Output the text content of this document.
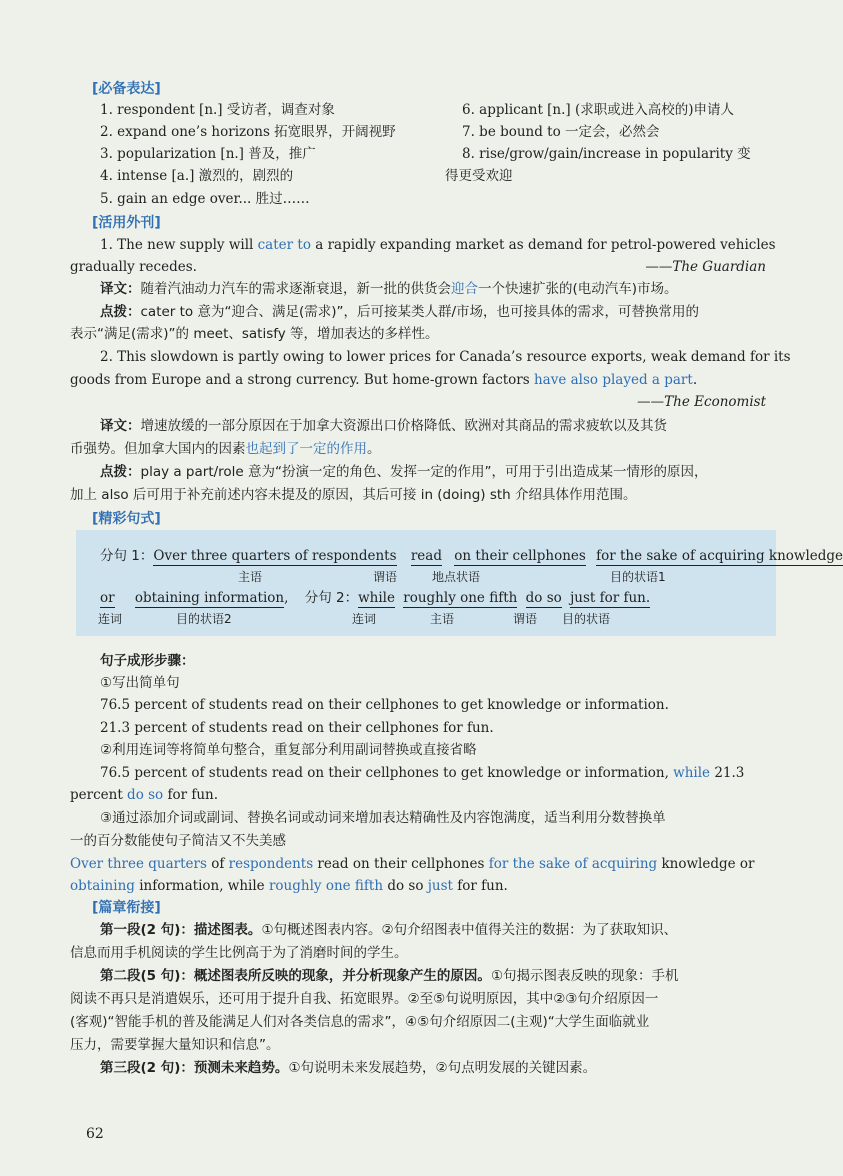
[必备表达]
1. respondent [n.] 受访者，调查对象
2. expand one’s horizons 拓宽眼界，开阔视野
3. popularization [n.] 普及，推广
4. intense [a.] 激烈的，剧烈的
5. gain an edge over... 胜过……
6. applicant [n.] (求职或进入高校的)申请人
7. be bound to 一定会，必然会
8. rise/grow/gain/increase in popularity 变
得更受欢迎
[活用外刊]
1. The new supply will cater to a rapidly expanding market as demand for petrol-powered vehicles
gradually recedes.	——The Guardian
译文：随着汽油动力汽车的需求逐渐衰退，新一批的供货会迎合一个快速扩张的(电动汽车)市场。
点拨：cater to 意为“迎合、满足(需求)”，后可接某类人群/市场，也可接具体的需求，可替换常用的
表示“满足(需求)”的 meet、satisfy 等，增加表达的多样性。
2. This slowdown is partly owing to lower prices for Canada’s resource exports, weak demand for its
goods from Europe and a strong currency. But home-grown factors have also played a part.
——The Economist
译文：增速放缓的一部分原因在于加拿大资源出口价格降低、欧洲对其商品的需求疲软以及其货
币强势。但加拿大国内的因素也起到了一定的作用。
点拨：play a part/role 意为“扮演一定的角色、发挥一定的作用”，可用于引出造成某一情形的原因，
加上 also 后可用于补充前述内容未提及的原因，其后可接 in (doing) sth 介绍具体作用范围。
[精彩句式]
分句 1：Over three quarters of respondents read on their cellphones for the sake of acquiring knowledge
主语	谓语	地点状语	目的状语1
or obtaining information, 分句 2：while roughly one fifth do so just for fun.
连词	目的状语2	连词	主语	谓语 目的状语
句子成形步骤：
①写出简单句
76.5 percent of students read on their cellphones to get knowledge or information.
21.3 percent of students read on their cellphones for fun.
②利用连词等将简单句整合，重复部分利用副词替换或直接省略
76.5 percent of students read on their cellphones to get knowledge or information, while 21.3
percent do so for fun.
③通过添加介词或副词、替换名词或动词来增加表达精确性及内容饱满度，适当利用分数替换单
一的百分数能使句子简洁又不失美感
Over three quarters of respondents read on their cellphones for the sake of acquiring knowledge or
obtaining information, while roughly one fifth do so just for fun.
[篇章衔接]
第一段(2 句)：描述图表。①句概述图表内容。②句介绍图表中值得关注的数据：为了获取知识、
信息而用手机阅读的学生比例高于为了消磨时间的学生。
第二段(5 句)：概述图表所反映的现象，并分析现象产生的原因。①句揭示图表反映的现象：手机
阅读不再只是消遣娱乐，还可用于提升自我、拓宽眼界。②至⑤句说明原因，其中②③句介绍原因一
(客观)“智能手机的普及能满足人们对各类信息的需求”，④⑤句介绍原因二(主观)“大学生面临就业
压力，需要掌握大量知识和信息”。
第三段(2 句)：预测未来趋势。①句说明未来发展趋势，②句点明发展的关键因素。
62
